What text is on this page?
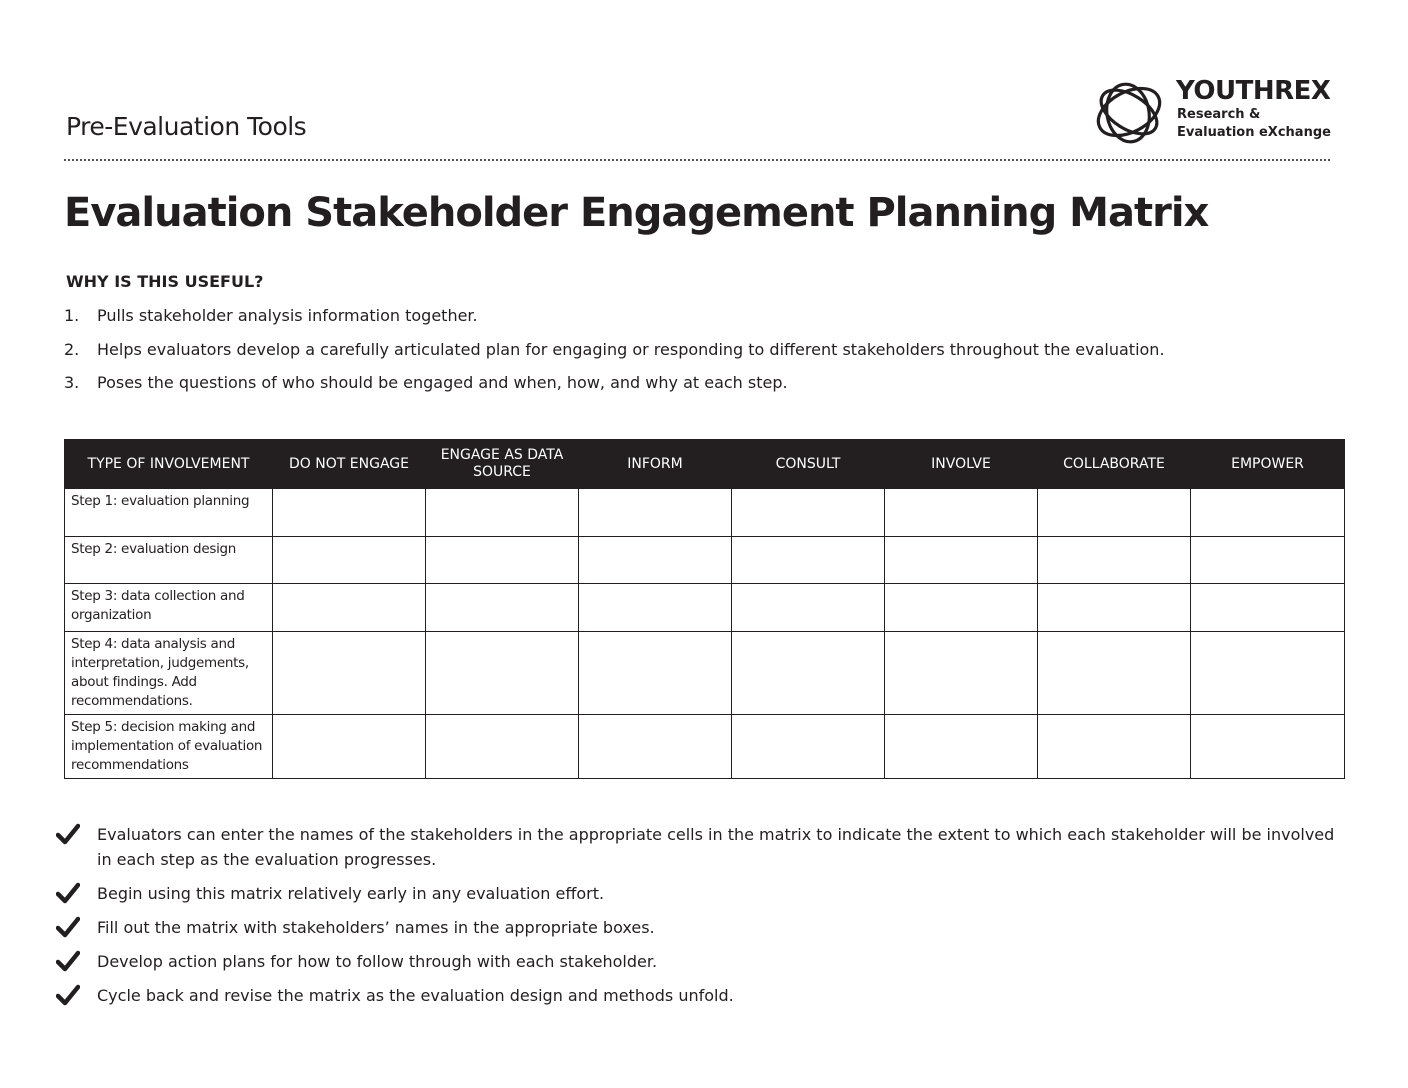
Pre-Evaluation Tools
YOUTHREX
Research &
Evaluation eXchange
Evaluation Stakeholder Engagement Planning Matrix
WHY IS THIS USEFUL?
1. Pulls stakeholder analysis information together.
2. Helps evaluators develop a carefully articulated plan for engaging or responding to different stakeholders throughout the evaluation.
3. Poses the questions of who should be engaged and when, how, and why at each step.
TYPE OF INVOLVEMENT	DO NOT ENGAGE	ENGAGE AS DATA SOURCE	INFORM	CONSULT	INVOLVE	COLLABORATE	EMPOWER
Step 1: evaluation planning							
Step 2: evaluation design							
Step 3: data collection and organization							
Step 4: data analysis and interpretation, judgements, about findings. Add recommendations.							
Step 5: decision making and implementation of evaluation recommendations							
Evaluators can enter the names of the stakeholders in the appropriate cells in the matrix to indicate the extent to which each stakeholder will be involved in each step as the evaluation progresses.
Begin using this matrix relatively early in any evaluation effort.
Fill out the matrix with stakeholders’ names in the appropriate boxes.
Develop action plans for how to follow through with each stakeholder.
Cycle back and revise the matrix as the evaluation design and methods unfold.
